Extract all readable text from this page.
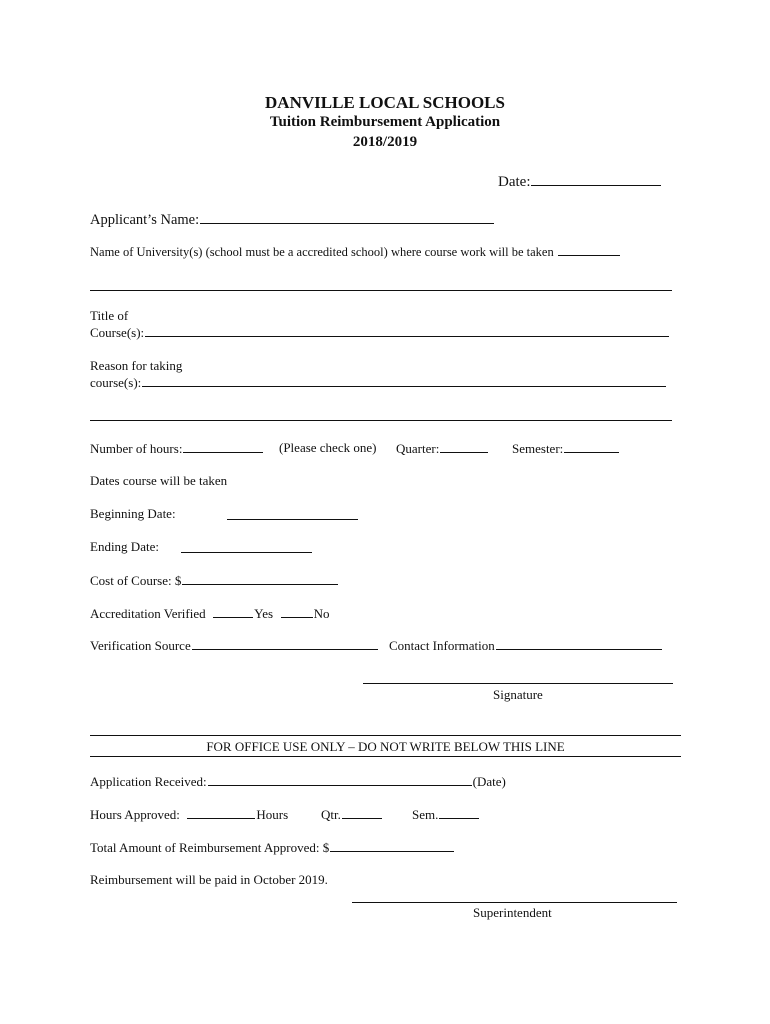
DANVILLE LOCAL SCHOOLS
Tuition Reimbursement Application
2018/2019
Date:
Applicant’s Name:
Name of University(s) (school must be a accredited school) where course work will be taken
Title of
Course(s):
Reason for taking
course(s):
Number of hours:	(Please check one) Quarter:	Semester:
Dates course will be taken
Beginning Date:
Ending Date:
Cost of Course: $
Accreditation Verified	Yes	No
Verification Source	Contact Information
Signature
FOR OFFICE USE ONLY – DO NOT WRITE BELOW THIS LINE
Application Received:	(Date)
Hours Approved:	Hours	Qtr.	Sem.
Total Amount of Reimbursement Approved: $
Reimbursement will be paid in October 2019.
Superintendent
